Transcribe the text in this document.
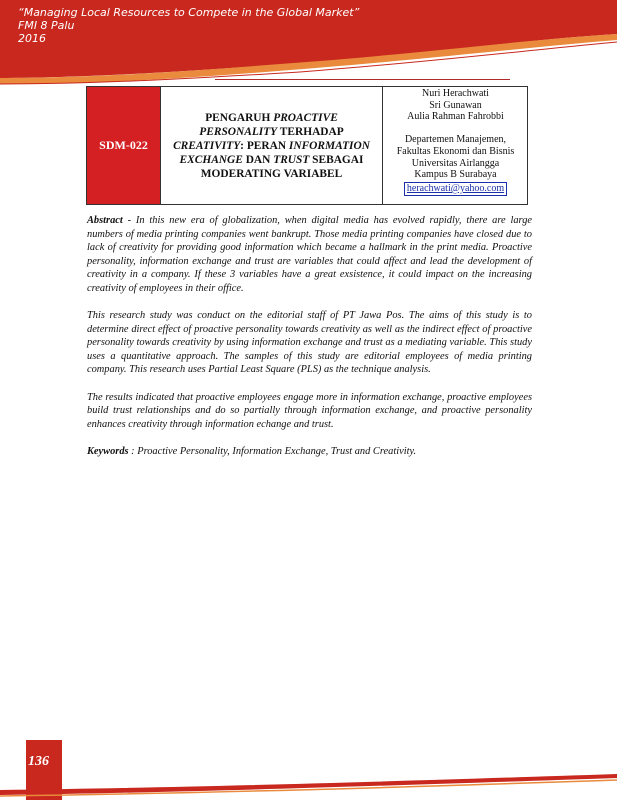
“Managing Local Resources to Compete in the Global Market”
FMI 8 Palu
2016
SDM-022
PENGARUH PROACTIVE PERSONALITY TERHADAP CREATIVITY: PERAN INFORMATION EXCHANGE DAN TRUST SEBAGAI MODERATING VARIABEL
Nuri Herachwati
Sri Gunawan
Aulia Rahman Fahrobbi
Departemen Manajemen,
Fakultas Ekonomi dan Bisnis
Universitas Airlangga
Kampus B Surabaya
herachwati@yahoo.com

Abstract - In this new era of globalization, when digital media has evolved rapidly, there are large numbers of media printing companies went bankrupt. Those media printing companies have closed due to lack of creativity for providing good information which became a hallmark in the print media. Proactive personality, information exchange and trust are variables that could affect and lead the development of creativity in a company. If these 3 variables have a great exsistence, it could impact on the increasing creativity of employees in their office.

This research study was conduct on the editorial staff of PT Jawa Pos. The aims of this study is to determine direct effect of proactive personality towards creativity as well as the indirect effect of proactive personality towards creativity by using information exchange and trust as a mediating variable. This study uses a quantitative approach. The samples of this study are editorial employees of media printing company. This research uses Partial Least Square (PLS) as the technique analysis.

The results indicated that proactive employees engage more in information exchange, proactive employees build trust relationships and do so partially through information exchange, and proactive personality enhances creativity through information echange and trust.

Keywords : Proactive Personality, Information Exchange, Trust and Creativity.

136
